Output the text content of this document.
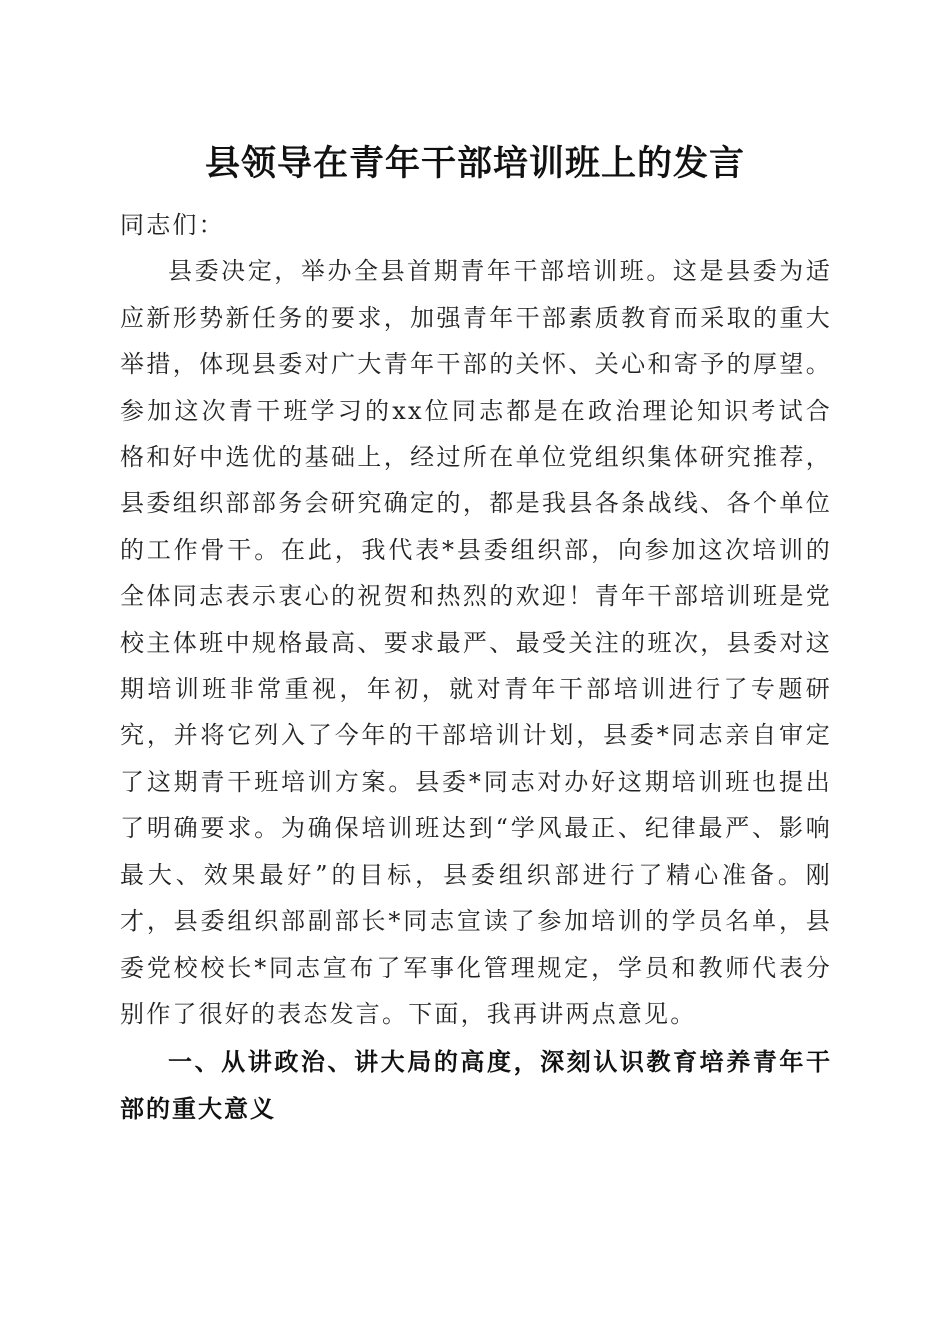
县领导在青年干部培训班上的发言

同志们：

县委决定，举办全县首期青年干部培训班。这是县委为适应新形势新任务的要求，加强青年干部素质教育而采取的重大举措，体现县委对广大青年干部的关怀、关心和寄予的厚望。参加这次青干班学习的xx位同志都是在政治理论知识考试合格和好中选优的基础上，经过所在单位党组织集体研究推荐，县委组织部部务会研究确定的，都是我县各条战线、各个单位的工作骨干。在此，我代表*县委组织部，向参加这次培训的全体同志表示衷心的祝贺和热烈的欢迎！青年干部培训班是党校主体班中规格最高、要求最严、最受关注的班次，县委对这期培训班非常重视，年初，就对青年干部培训进行了专题研究，并将它列入了今年的干部培训计划，县委*同志亲自审定了这期青干班培训方案。县委*同志对办好这期培训班也提出了明确要求。为确保培训班达到“学风最正、纪律最严、影响最大、效果最好”的目标，县委组织部进行了精心准备。刚才，县委组织部副部长*同志宣读了参加培训的学员名单，县委党校校长*同志宣布了军事化管理规定，学员和教师代表分别作了很好的表态发言。下面，我再讲两点意见。

一、从讲政治、讲大局的高度，深刻认识教育培养青年干部的重大意义
